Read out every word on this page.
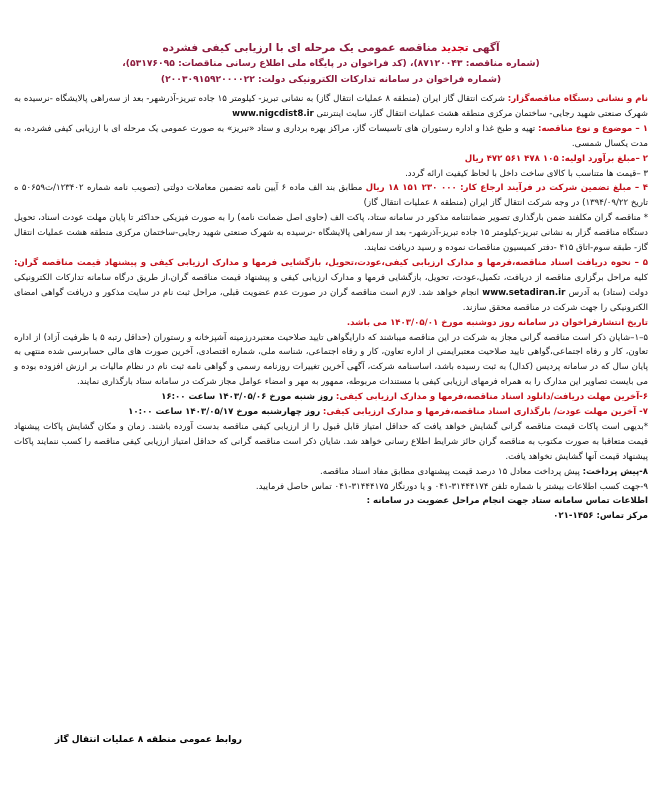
آگهی تجدید مناقصه عمومی یک مرحله ای با ارزیابی کیفی فشرده
(شماره مناقصه: ۸۷۱۲۰۰۴۳)، (کد فراخوان در پایگاه ملی اطلاع رسانی مناقصات: ۵۳۱۷۶۰۹۵)،
(شماره فراخوان در سامانه تدارکات الکترونیکی دولت: ۲۰۰۳۰۹۱۵۹۲۰۰۰۰۲۲)

نام و نشانی دستگاه مناقصه‌گزار: شرکت انتقال گاز ایران (منطقه ۸ عملیات انتقال گاز) به نشانی تبریز- کیلومتر ۱۵ جاده تبریز-آذرشهر- بعد از سه‌راهی پالایشگاه -نرسیده به شهرک صنعتی شهید رجایی- ساختمان مرکزی منطقه هشت عملیات انتقال گاز، سایت اینترنتی www.nigcdist8.ir

۱ – موضوع و نوع مناقصه: تهیه و طبخ غذا و اداره رستوران های تاسیسات گاز، مراکز بهره برداری و ستاد «تبریز» به صورت عمومی یک مرحله ای با ارزیابی کیفی فشرده، به مدت یکسال شمسی.

۲ –مبلغ برآورد اولیه: ۱۰۵ ۴۷۸ ۵۶۱ ۴۷۲ ریال

۳ –قیمت ها متناسب با کالای ساخت داخل با لحاظ کیفیت ارائه گردد.

۴ – مبلغ تضمین شرکت در فرآیند ارجاع کار: ۰۰۰ ۲۳۰ ۱۵۱ ۱۸ ریال مطابق بند الف ماده ۶ آیین نامه تضمین معاملات دولتی (تصویب نامه شماره ۱۲۳۴۰۲/ت۵۰۶۵۹ ه تاریخ ۱۳۹۴/۰۹/۲۲) در وجه شرکت انتقال گاز ایران (منطقه ۸ عملیات انتقال گاز)

* مناقصه گران مکلفند ضمن بارگذاری تصویر ضمانتنامه مذکور در سامانه ستاد، پاکت الف (حاوی اصل ضمانت نامه) را به صورت فیزیکی حداکثر تا پایان مهلت عودت اسناد، تحویل دستگاه مناقصه گزار به نشانی تبریز-کیلومتر ۱۵ جاده تبریز-آذرشهر- بعد از سه‌راهی پالایشگاه -نرسیده به شهرک صنعتی شهید رجایی-ساختمان مرکزی منطقه هشت عملیات انتقال گاز- طبقه سوم-اتاق ۴۱۵ -دفتر کمیسیون مناقصات نموده و رسید دریافت نمایند.

۵ – نحوه دریافت اسناد مناقصه،فرمها و مدارک ارزیابی کیفی،عودت،تحویل، بازگشایی فرمها و مدارک ارزیابی کیفی و پیشنهاد قیمت مناقصه گران: کلیه مراحل برگزاری مناقصه از دریافت، تکمیل،عودت، تحویل، بازگشایی فرمها و مدارک ارزیابی کیفی و پیشنهاد قیمت مناقصه گران،از طریق درگاه سامانه تدارکات الکترونیکی دولت (ستاد) به آدرس www.setadiran.ir انجام خواهد شد. لازم است مناقصه گران در صورت عدم عضویت قبلی، مراحل ثبت نام در سایت مذکور و دریافت گواهی امضای الکترونیکی را جهت شرکت در مناقصه محقق سازند.

تاریخ انتشارفراخوان در سامانه روز دوشنبه مورخ ۱۴۰۳/۰۵/۰۱ می باشد.

۵–۱–شایان ذکر است مناقصه گرانی مجاز به شرکت در این مناقصه میباشند که دارایگواهی تایید صلاحیت معتبردرزمینه آشپزخانه و رستوران (حداقل رتبه ۵ با ظرفیت آزاد) از اداره تعاون، کار و رفاه اجتماعی،گواهی تایید صلاحیت معتبرایمنی از اداره تعاون، کار و رفاه اجتماعی، شناسه ملی، شماره اقتصادی، آخرین صورت های مالی حسابرسی شده منتهی به پایان سال که در سامانه پردیس (کدال) به ثبت رسیده باشد، اساسنامه شرکت، آگهی آخرین تغییرات روزنامه رسمی و گواهی نامه ثبت نام در نظام مالیات بر ارزش افزوده بوده و می بایست تصاویر این مدارک را به همراه فرمهای ارزیابی کیفی با مستندات مربوطه، ممهور به مهر و امضاء عوامل مجاز شرکت در سامانه ستاد بارگذاری نمایند.

۶-آخرین مهلت دریافت/دانلود اسناد مناقصه،فرمها و مدارک ارزیابی کیفی: روز شنبه مورخ ۱۴۰۳/۰۵/۰۶ ساعت ۱۶:۰۰

۷- آخرین مهلت عودت/ بارگذاری اسناد مناقصه،فرمها و مدارک ارزیابی کیفی: روز چهارشنبه مورخ ۱۴۰۳/۰۵/۱۷ ساعت ۱۰:۰۰

*بدیهی است پاکات قیمت مناقصه گرانی گشایش خواهد یافت که حداقل امتیاز قابل قبول را از ارزیابی کیفی مناقصه بدست آورده باشند. زمان و مکان گشایش پاکات پیشنهاد قیمت متعاقبا به صورت مکتوب به مناقصه گران حائز شرایط اطلاع رسانی خواهد شد. شایان ذکر است مناقصه گرانی که حداقل امتیاز ارزیابی کیفی مناقصه را کسب ننمایند پاکات پیشنهاد قیمت آنها گشایش نخواهد یافت.

۸-پیش پرداخت: پیش پرداخت معادل ۱۵ درصد قیمت پیشنهادی مطابق مفاد اسناد مناقصه.

۹-جهت کسب اطلاعات بیشتر با شماره تلفن ۳۱۴۴۴۱۷۴-۰۴۱ و یا دورنگار ۳۱۴۴۴۱۷۵-۰۴۱ تماس حاصل فرمایید.

اطلاعات تماس سامانه ستاد جهت انجام مراحل عضویت در سامانه :

مرکز تماس: ۱۴۵۶-۰۲۱

روابط عمومی منطقه ۸ عملیات انتقال گاز
